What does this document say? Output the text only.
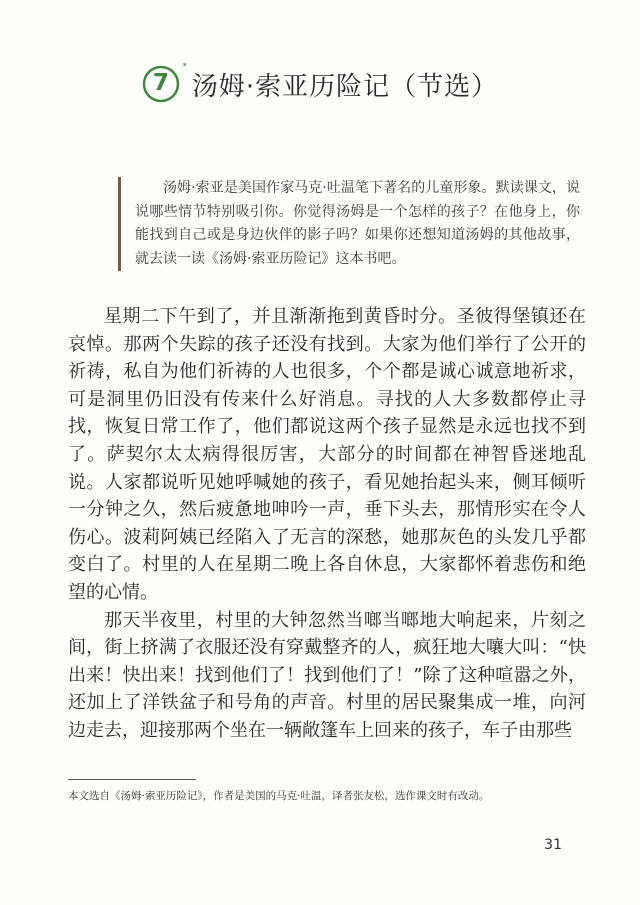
7
*
汤姆·索亚历险记（节选）

汤姆·索亚是美国作家马克·吐温笔下著名的儿童形象。默读课文，说说哪些情节特别吸引你。你觉得汤姆是一个怎样的孩子？在他身上，你能找到自己或是身边伙伴的影子吗？如果你还想知道汤姆的其他故事，就去读一读《汤姆·索亚历险记》这本书吧。

星期二下午到了，并且渐渐拖到黄昏时分。圣彼得堡镇还在哀悼。那两个失踪的孩子还没有找到。大家为他们举行了公开的祈祷，私自为他们祈祷的人也很多，个个都是诚心诚意地祈求，可是洞里仍旧没有传来什么好消息。寻找的人大多数都停止寻找，恢复日常工作了，他们都说这两个孩子显然是永远也找不到了。萨契尔太太病得很厉害，大部分的时间都在神智昏迷地乱说。人家都说听见她呼喊她的孩子，看见她抬起头来，侧耳倾听一分钟之久，然后疲惫地呻吟一声，垂下头去，那情形实在令人伤心。波莉阿姨已经陷入了无言的深愁，她那灰色的头发几乎都变白了。村里的人在星期二晚上各自休息，大家都怀着悲伤和绝望的心情。

那天半夜里，村里的大钟忽然当啷当啷地大响起来，片刻之间，街上挤满了衣服还没有穿戴整齐的人，疯狂地大嚷大叫：“快出来！快出来！找到他们了！找到他们了！”除了这种喧嚣之外，还加上了洋铁盆子和号角的声音。村里的居民聚集成一堆，向河边走去，迎接那两个坐在一辆敞篷车上回来的孩子，车子由那些

本文选自《汤姆·索亚历险记》，作者是美国的马克·吐温，译者张友松，选作课文时有改动。
31
